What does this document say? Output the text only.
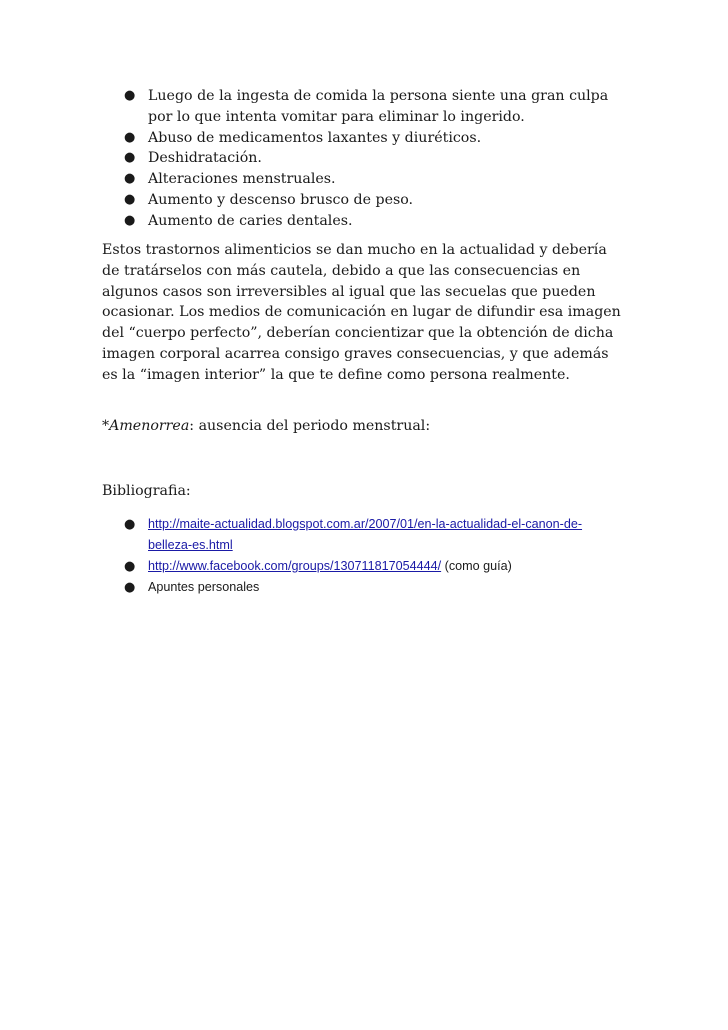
● Luego de la ingesta de comida la persona siente una gran culpa por lo que intenta vomitar para eliminar lo ingerido.
● Abuso de medicamentos laxantes y diuréticos.
● Deshidratación.
● Alteraciones menstruales.
● Aumento y descenso brusco de peso.
● Aumento de caries dentales.

Estos trastornos alimenticios se dan mucho en la actualidad y debería de tratárselos con más cautela, debido a que las consecuencias en algunos casos son irreversibles al igual que las secuelas que pueden ocasionar. Los medios de comunicación en lugar de difundir esa imagen del “cuerpo perfecto”, deberían concientizar que la obtención de dicha imagen corporal acarrea consigo graves consecuencias, y que además es la “imagen interior” la que te define como persona realmente.

*Amenorrea: ausencia del periodo menstrual:

Bibliografia:

●	http://maite-actualidad.blogspot.com.ar/2007/01/en-la-actualidad-el-canon-de-
belleza-es.html
●	http://www.facebook.com/groups/130711817054444/ (como guía)
●	Apuntes personales
